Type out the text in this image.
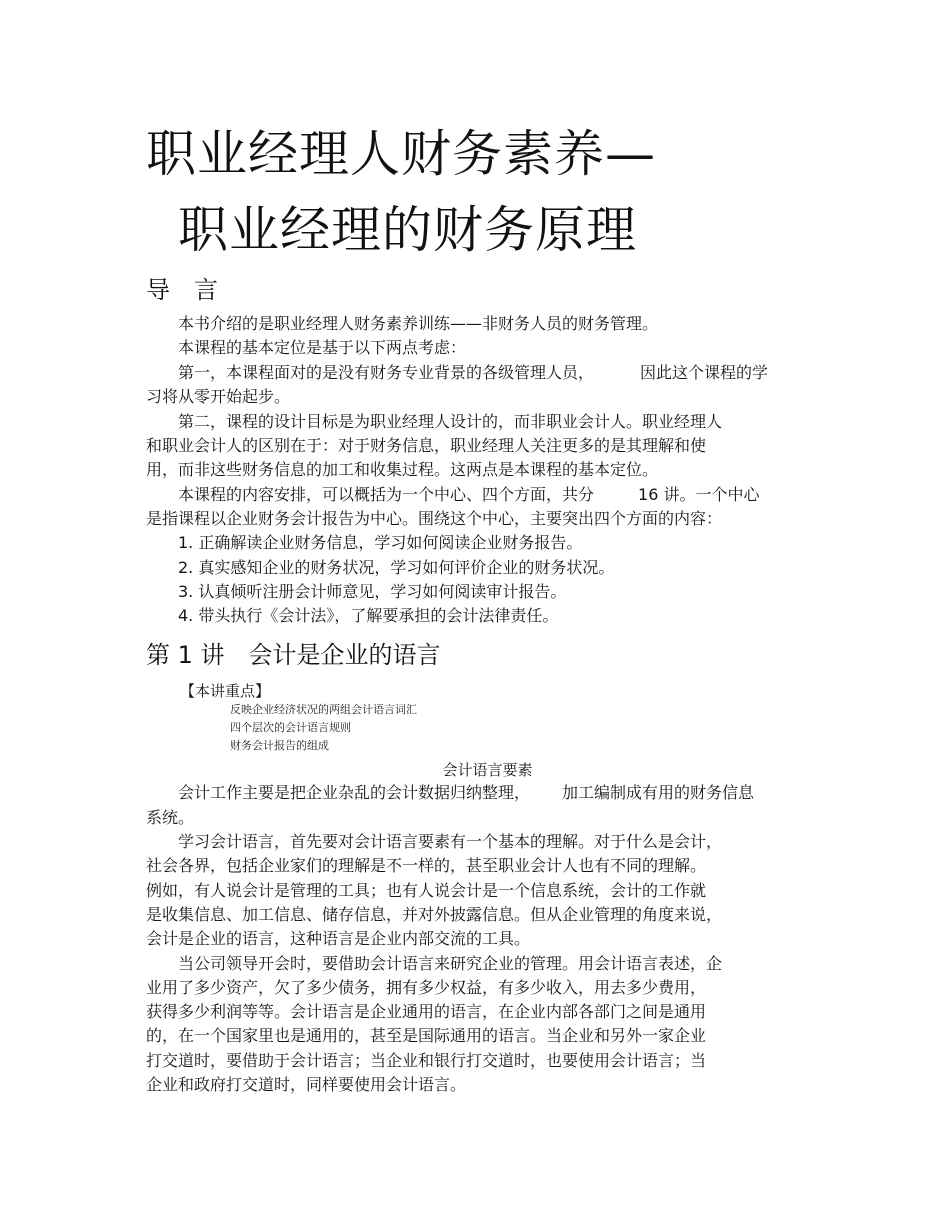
职业经理人财务素养—
职业经理的财务原理
导言
本书介绍的是职业经理人财务素养训练——非财务人员的财务管理。
本课程的基本定位是基于以下两点考虑：
第一，本课程面对的是没有财务专业背景的各级管理人员，	因此这个课程的学
习将从零开始起步。
第二，课程的设计目标是为职业经理人设计的，而非职业会计人。职业经理人
和职业会计人的区别在于：对于财务信息，职业经理人关注更多的是其理解和使
用，而非这些财务信息的加工和收集过程。这两点是本课程的基本定位。
本课程的内容安排，可以概括为一个中心、四个方面，共分	16 讲。一个中心
是指课程以企业财务会计报告为中心。围绕这个中心，主要突出四个方面的内容：
1. 正确解读企业财务信息，学习如何阅读企业财务报告。
2. 真实感知企业的财务状况，学习如何评价企业的财务状况。
3. 认真倾听注册会计师意见，学习如何阅读审计报告。
4. 带头执行《会计法》，了解要承担的会计法律责任。
第 1 讲　会计是企业的语言
【本讲重点】
反映企业经济状况的两组会计语言词汇
四个层次的会计语言规则
财务会计报告的组成
会计语言要素
会计工作主要是把企业杂乱的会计数据归纳整理， 加工编制成有用的财务信息
系统。
学习会计语言，首先要对会计语言要素有一个基本的理解。对于什么是会计，
社会各界，包括企业家们的理解是不一样的，甚至职业会计人也有不同的理解。
例如，有人说会计是管理的工具；也有人说会计是一个信息系统，会计的工作就
是收集信息、加工信息、储存信息，并对外披露信息。但从企业管理的角度来说，
会计是企业的语言，这种语言是企业内部交流的工具。
当公司领导开会时，要借助会计语言来研究企业的管理。用会计语言表述，企
业用了多少资产，欠了多少债务，拥有多少权益，有多少收入，用去多少费用，
获得多少利润等等。会计语言是企业通用的语言，在企业内部各部门之间是通用
的，在一个国家里也是通用的，甚至是国际通用的语言。当企业和另外一家企业
打交道时，要借助于会计语言；当企业和银行打交道时，也要使用会计语言；当
企业和政府打交道时，同样要使用会计语言。
